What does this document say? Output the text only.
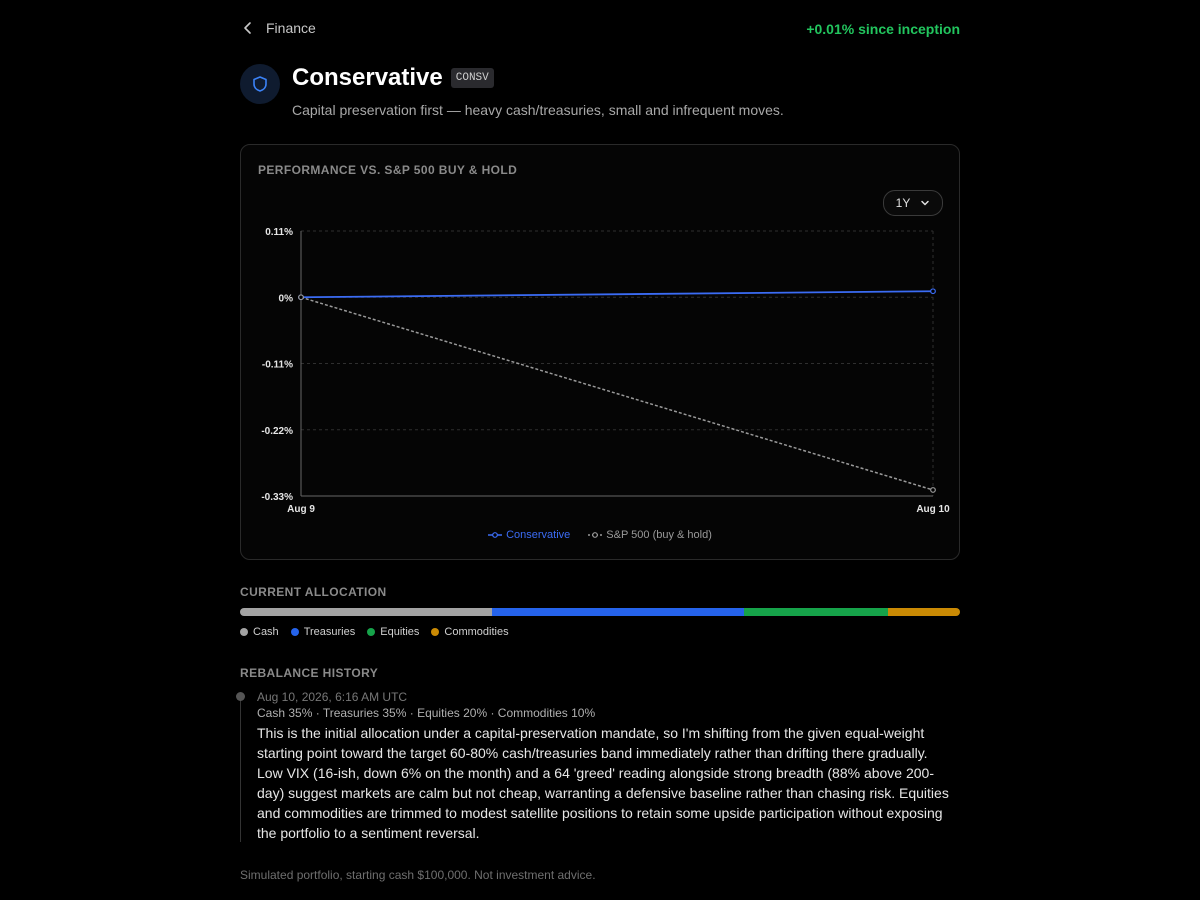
Finance	+0.01% since inception
Conservative	CONSV
Capital preservation first — heavy cash/treasuries, small and infrequent moves.
PERFORMANCE VS. S&P 500 BUY & HOLD
1Y
0.11%
0%
-0.11%
-0.22%
-0.33%
Aug 9	Aug 10
Conservative	S&P 500 (buy & hold)
CURRENT ALLOCATION
Cash Treasuries Equities Commodities
REBALANCE HISTORY
Aug 10, 2026, 6:16 AM UTC
Cash 35% · Treasuries 35% · Equities 20% · Commodities 10%
This is the initial allocation under a capital-preservation mandate, so I'm shifting from the given equal-weight starting point toward the target 60-80% cash/treasuries band immediately rather than drifting there gradually. Low VIX (16-ish, down 6% on the month) and a 64 'greed' reading alongside strong breadth (88% above 200-day) suggest markets are calm but not cheap, warranting a defensive baseline rather than chasing risk. Equities and commodities are trimmed to modest satellite positions to retain some upside participation without exposing the portfolio to a sentiment reversal.
Simulated portfolio, starting cash $100,000. Not investment advice.
